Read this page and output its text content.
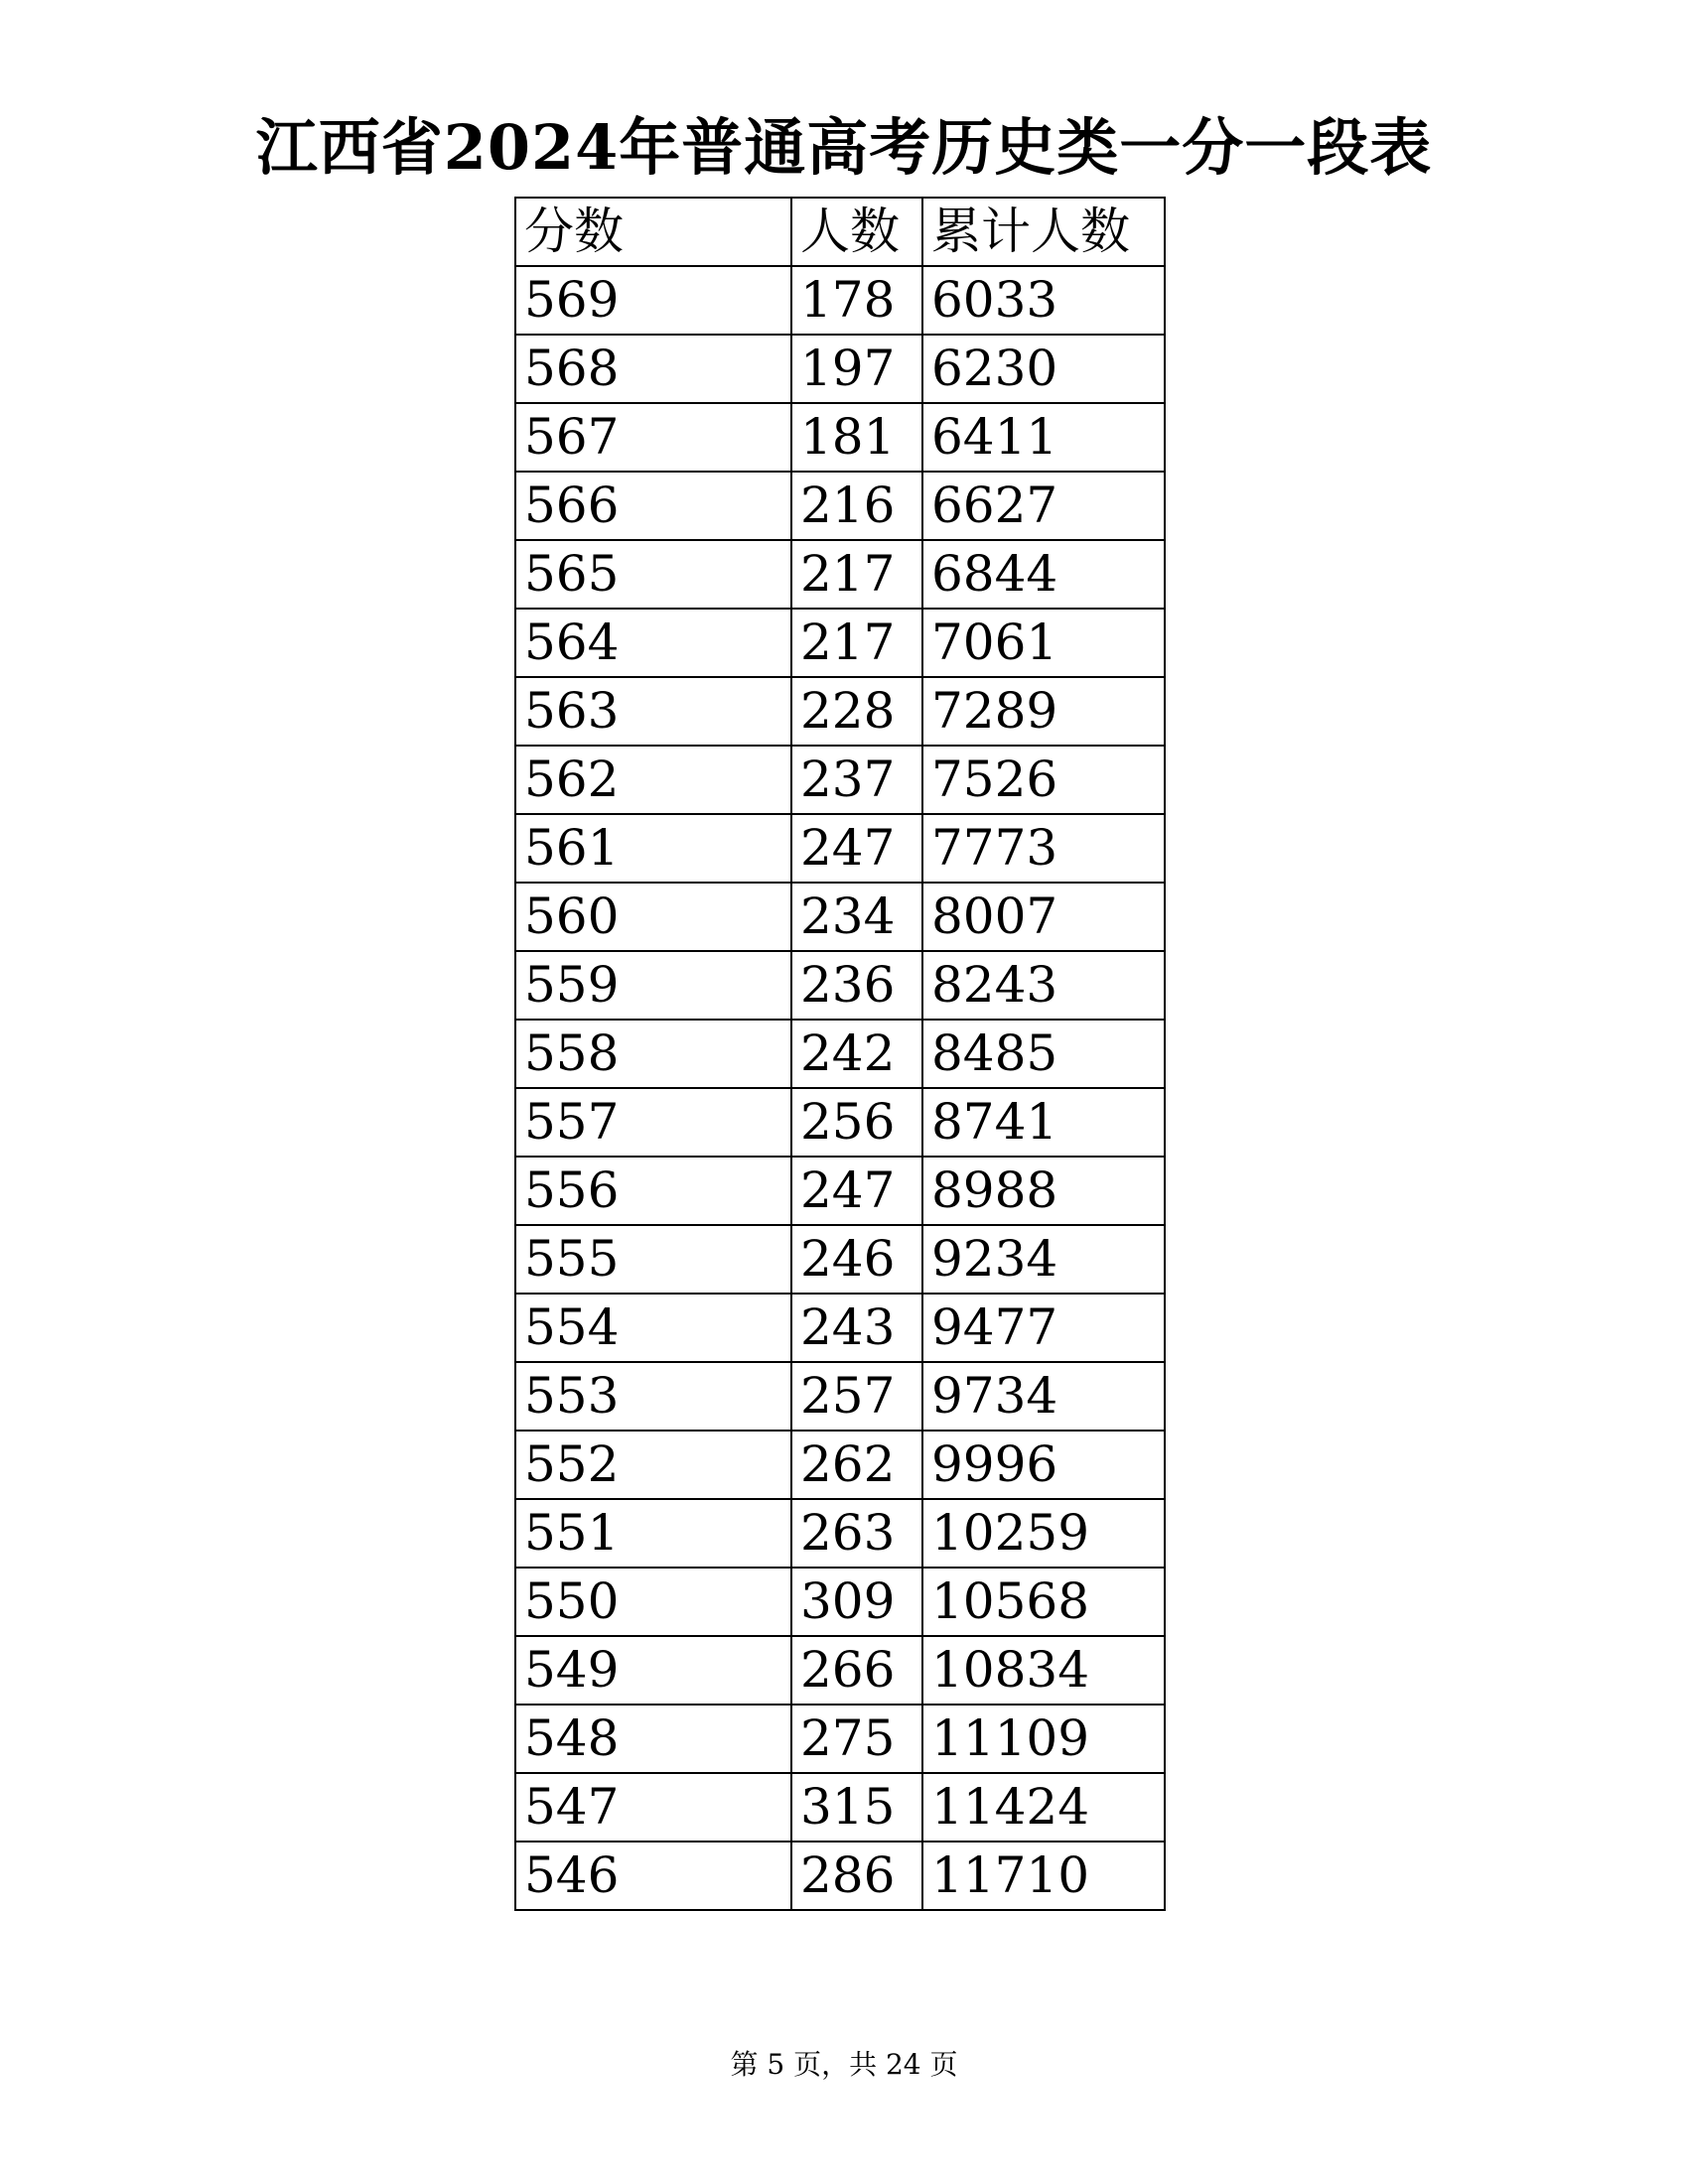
江西省2024年普通高考历史类一分一段表
分数	人数	累计人数
569	178	6033
568	197	6230
567	181	6411
566	216	6627
565	217	6844
564	217	7061
563	228	7289
562	237	7526
561	247	7773
560	234	8007
559	236	8243
558	242	8485
557	256	8741
556	247	8988
555	246	9234
554	243	9477
553	257	9734
552	262	9996
551	263	10259
550	309	10568
549	266	10834
548	275	11109
547	315	11424
546	286	11710
第 5 页，共 24 页
